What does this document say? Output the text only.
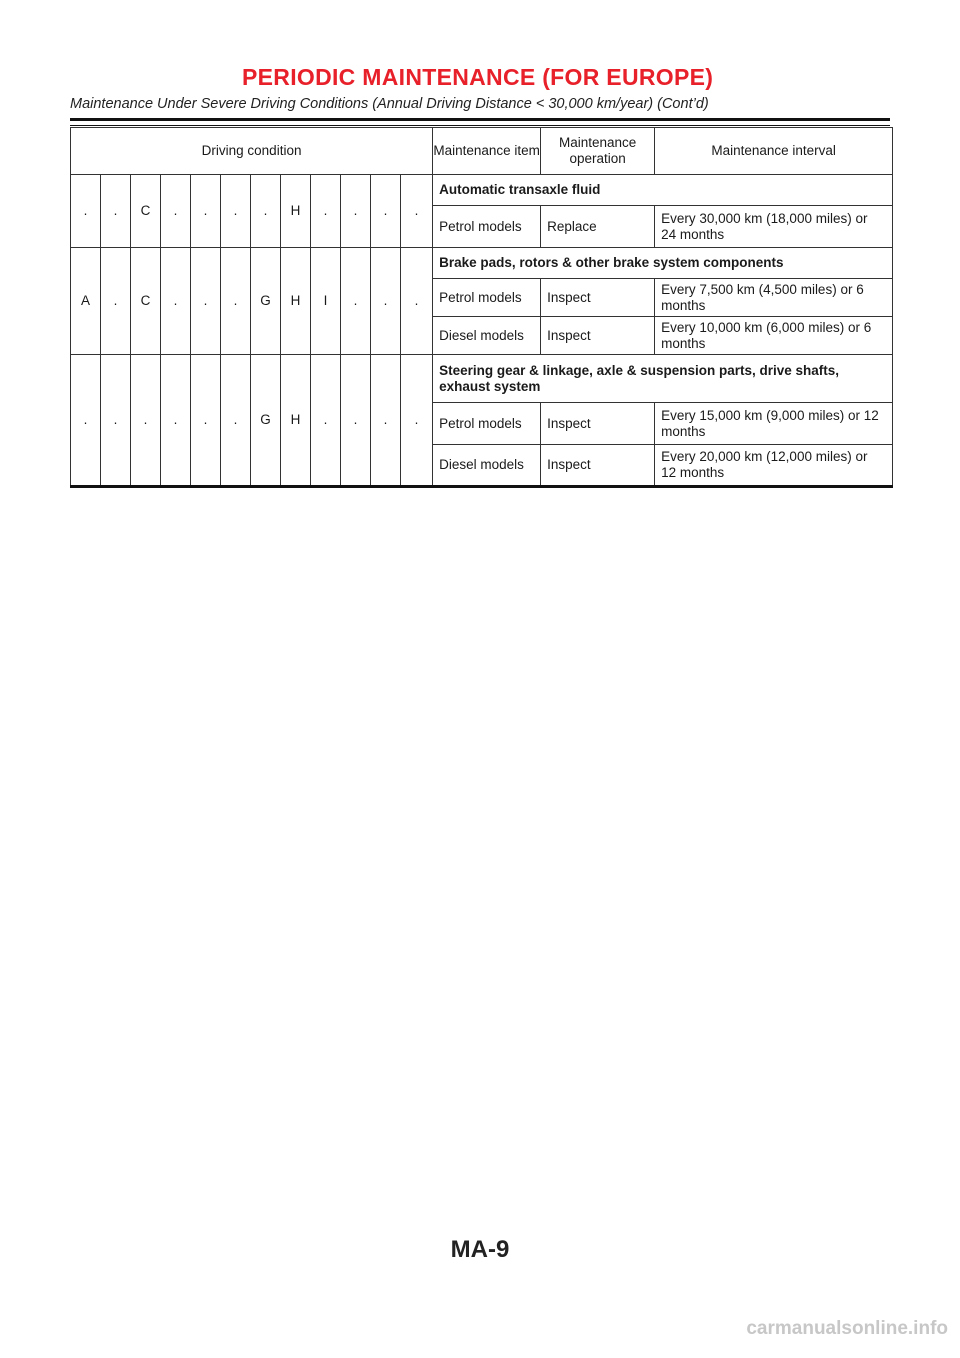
PERIODIC MAINTENANCE (FOR EUROPE)
Maintenance Under Severe Driving Conditions (Annual Driving Distance < 30,000 km/year) (Cont’d)
Driving condition												Maintenance item	Maintenance operation	Maintenance interval
.	.	C	.	.	.	.	H	.	.	.	.	Automatic transaxle fluid		
												Petrol models	Replace	Every 30,000 km (18,000 miles) or 24 months
A	.	C	.	.	.	G	H	I	.	.	.	Brake pads, rotors & other brake system components		
												Petrol models	Inspect	Every 7,500 km (4,500 miles) or 6 months
												Diesel models	Inspect	Every 10,000 km (6,000 miles) or 6 months
.	.	.	.	.	.	G	H	.	.	.	.	Steering gear & linkage, axle & suspension parts, drive shafts, exhaust system		
												Petrol models	Inspect	Every 15,000 km (9,000 miles) or 12 months
												Diesel models	Inspect	Every 20,000 km (12,000 miles) or 12 months

MA-9
carmanualsonline.info
